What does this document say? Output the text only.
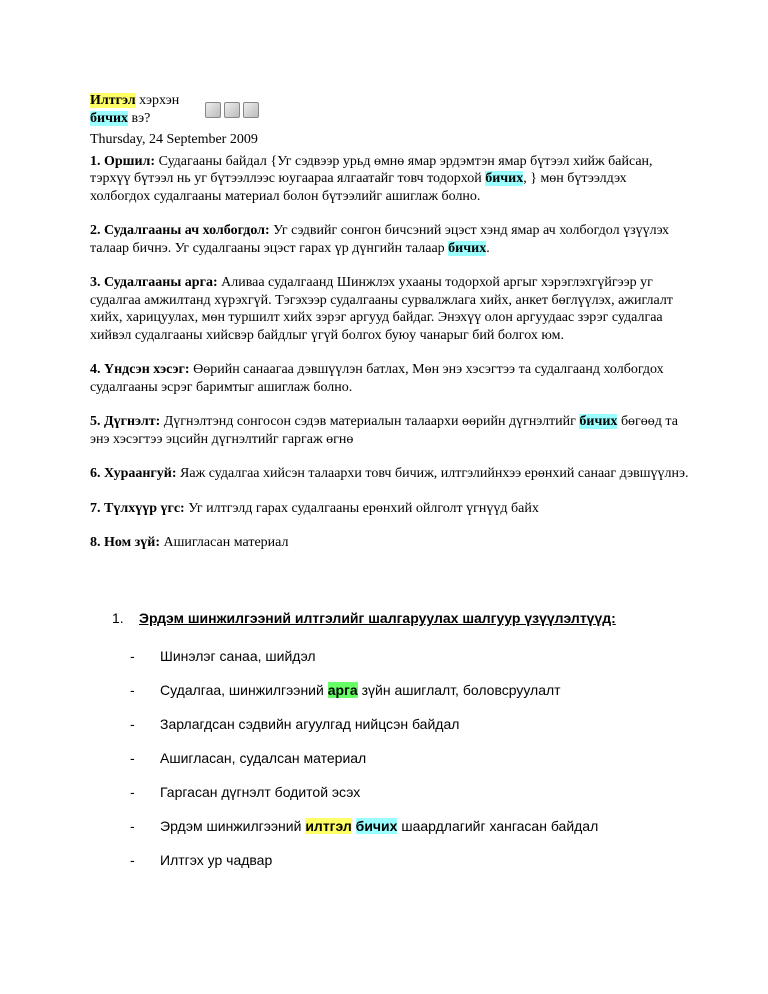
Илтгэл хэрхэн
бичих вэ?
Thursday, 24 September 2009
1. Оршил: Судагааны байдал {Уг сэдвээр урьд өмнө ямар эрдэмтэн ямар бүтээл хийж байсан, тэрхүү бүтээл нь уг бүтээллээс юугаараа ялгаатайг товч тодорхой бичих, } мөн бүтээлдэх холбогдох судалгааны материал болон бүтээлийг ашиглаж болно.
2. Судалгааны ач холбогдол: Уг сэдвийг сонгон бичсэний эцэст хэнд ямар ач холбогдол үзүүлэх талаар бичнэ. Уг судалгааны эцэст гарах үр дүнгийн талаар бичих.
3. Судалгааны арга: Аливаа судалгаанд Шинжлэх ухааны тодорхой аргыг хэрэглэхгүйгээр уг судалгаа амжилтанд хүрэхгүй. Тэгэхээр судалгааны сурвалжлага хийх, анкет бөглүүлэх, ажиглалт хийх, харицуулах, мөн туршилт хийх зэрэг аргууд байдаг. Энэхүү олон аргуудаас зэрэг судалгаа хийвэл судалгааны хийсвэр байдлыг үгүй болгох буюу чанарыг бий болгох юм.
4. Үндсэн хэсэг: Өөрийн санаагаа дэвшүүлэн батлах, Мөн энэ хэсэгтээ та судалгаанд холбогдох судалгааны эсрэг баримтыг ашиглаж болно.
5. Дүгнэлт: Дүгнэлтэнд сонгосон сэдэв материалын талаархи өөрийн дүгнэлтийг бичих бөгөөд та энэ хэсэгтээ эцсийн дүгнэлтийг гаргаж өгнө
6. Хураангуй: Яаж судалгаа хийсэн талаархи товч бичиж, илтгэлийнхээ ерөнхий санааг дэвшүүлнэ.
7. Түлхүүр үгс: Уг илтгэлд гарах судалгааны ерөнхий ойлголт үгнүүд байх
8. Ном зүй: Ашигласан материал
1. Эрдэм шинжилгээний илтгэлийг шалгаруулах шалгуур үзүүлэлтүүд:
- Шинэлэг санаа, шийдэл
- Судалгаа, шинжилгээний арга зүйн ашиглалт, боловсруулалт
- Зарлагдсан сэдвийн агуулгад нийцсэн байдал
- Ашигласан, судалсан материал
- Гаргасан дүгнэлт бодитой эсэх
- Эрдэм шинжилгээний илтгэл бичих шаардлагийг хангасан байдал
- Илтгэх ур чадвар
